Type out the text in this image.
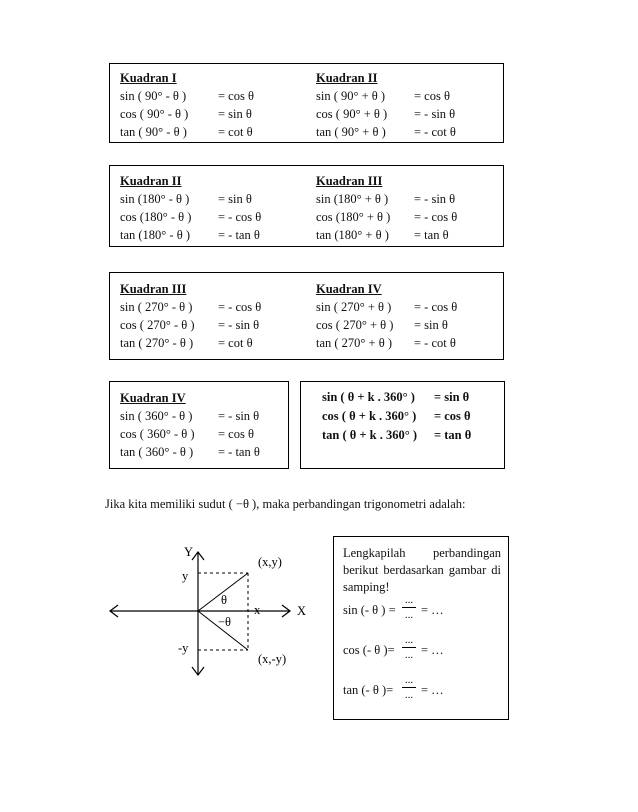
Kuadran I
sin ( 90° - θ )	= cos θ
cos ( 90° - θ ) = sin θ
tan ( 90° - θ ) = cot θ
Kuadran II
sin ( 90° + θ ) = cos θ
cos ( 90° + θ ) = - sin θ
tan ( 90° + θ ) = - cot θ
Kuadran II
sin (180° - θ ) = sin θ
cos (180° - θ ) = - cos θ
tan (180° - θ ) = - tan θ
Kuadran III
sin (180° + θ ) = - sin θ
cos (180° + θ ) = - cos θ
tan (180° + θ ) = tan θ
Kuadran III
sin ( 270° - θ ) = - cos θ
cos ( 270° - θ ) = - sin θ
tan ( 270° - θ ) = cot θ
Kuadran IV
sin ( 270° + θ ) = - cos θ
cos ( 270° + θ ) = sin θ
tan ( 270° + θ ) = - cot θ
Kuadran IV
sin ( 360° - θ ) = - sin θ
cos ( 360° - θ ) = cos θ
tan ( 360° - θ ) = - tan θ
sin ( θ + k . 360° ) = sin θ
cos ( θ + k . 360° ) = cos θ
tan ( θ + k . 360° ) = tan θ
Jika kita memiliki sudut ( −θ ), maka perbandingan trigonometri adalah:
Y
X
(x,y)
(x,-y)
y
-y
x
θ
−θ
Lengkapilah perbandingan berikut berdasarkan gambar di samping!
sin (- θ ) =
...
... = …
cos (- θ )=
...
... = …
tan (- θ )=
...
... = …
